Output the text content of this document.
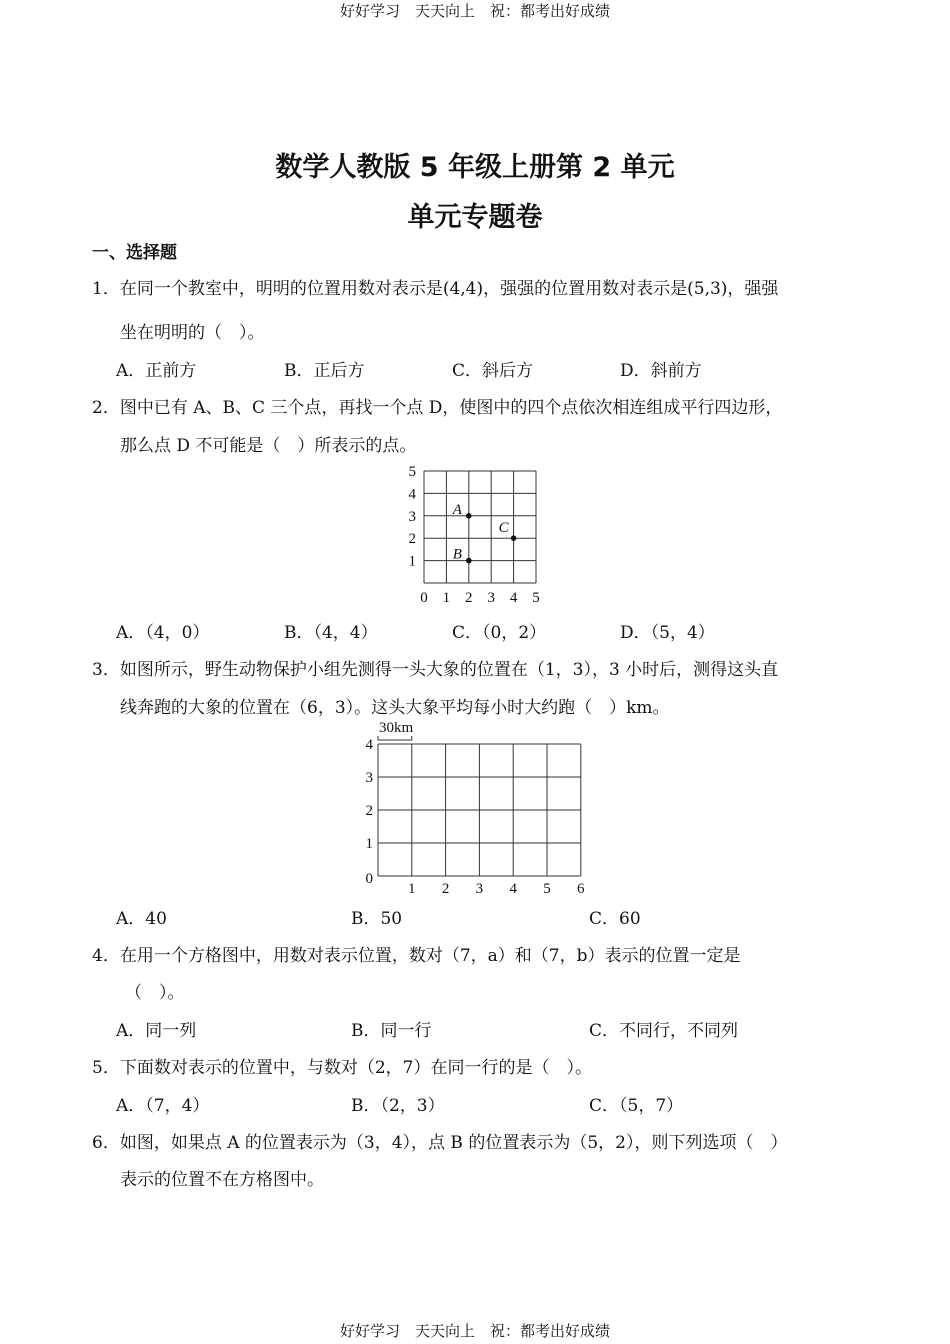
好好学习　天天向上　祝：都考出好成绩
数学人教版 5 年级上册第 2 单元
单元专题卷
一、选择题
1．在同一个教室中，明明的位置用数对表示是(4,4)，强强的位置用数对表示是(5,3)，强强
坐在明明的（　）。
A．正前方	B．正后方	C．斜后方	D．斜前方
2．图中已有 A、B、C 三个点，再找一个点 D，使图中的四个点依次相连组成平行四边形，
那么点 D 不可能是（　）所表示的点。
0 1 2 3 4 5
1
2
3
4
5
A
B
C
A．（4，0）	B．（4，4）	C．（0，2）	D．（5，4）
3．如图所示，野生动物保护小组先测得一头大象的位置在（1，3），3 小时后，测得这头直
线奔跑的大象的位置在（6，3）。这头大象平均每小时大约跑（　）km。
1 2 3 4 5 6
0
1
2
3
4
30km
A．40	B．50	C．60
4．在用一个方格图中，用数对表示位置，数对（7，a）和（7，b）表示的位置一定是
（　）。
A．同一列	B．同一行	C．不同行，不同列
5．下面数对表示的位置中，与数对（2，7）在同一行的是（　）。
A．（7，4）	B．（2，3）	C．（5，7）
6．如图，如果点 A 的位置表示为（3，4），点 B 的位置表示为（5，2），则下列选项（　）
表示的位置不在方格图中。
好好学习　天天向上　祝：都考出好成绩
